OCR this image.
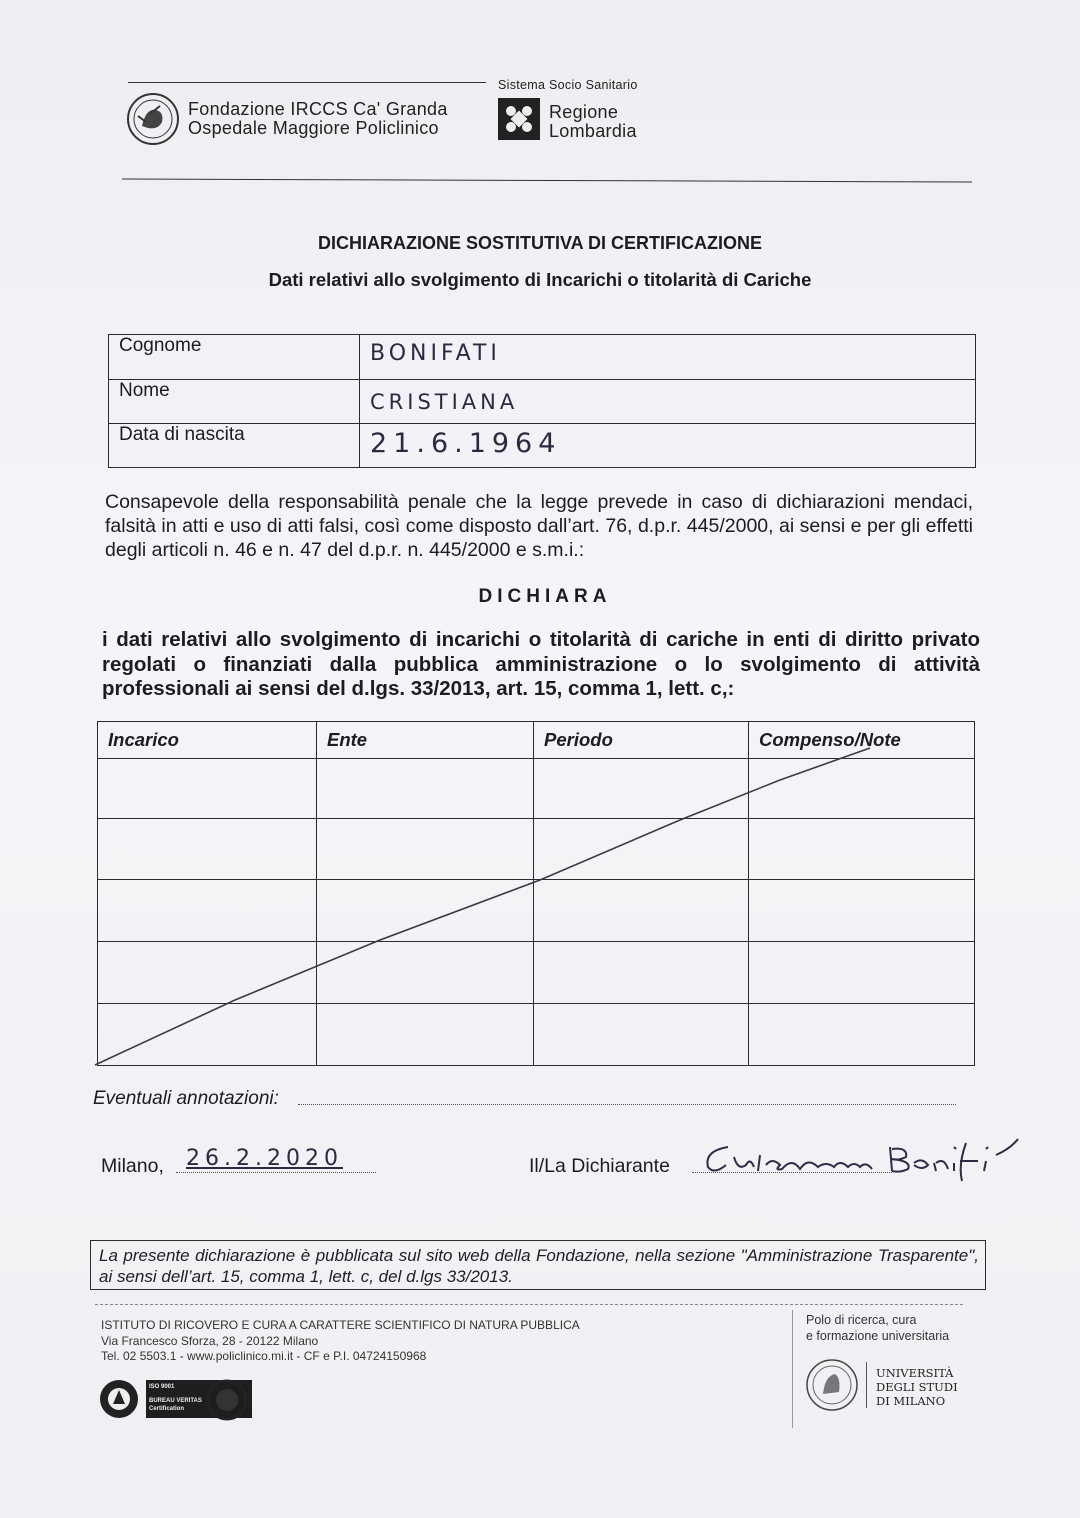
Fondazione IRCCS Ca' Granda
Ospedale Maggiore Policlinico
Sistema Socio Sanitario
Regione
Lombardia
DICHIARAZIONE SOSTITUTIVA DI CERTIFICAZIONE
Dati relativi allo svolgimento di Incarichi o titolarità di Cariche
Cognome	BONIFATI
Nome	CRISTIANA
Data di nascita	21.6.1964
Consapevole della responsabilità penale che la legge prevede in caso di dichiarazioni mendaci, falsità in atti e uso di atti falsi, così come disposto dall’art. 76, d.p.r. 445/2000, ai sensi e per gli effetti degli articoli n. 46 e n. 47 del d.p.r. n. 445/2000 e s.m.i.:
DICHIARA
i dati relativi allo svolgimento di incarichi o titolarità di cariche in enti di diritto privato regolati o finanziati dalla pubblica amministrazione o lo svolgimento di attività professionali ai sensi del d.lgs. 33/2013, art. 15, comma 1, lett. c,:
Incarico	Ente	Periodo	Compenso/Note

Eventuali annotazioni:
Milano, 26.2.2020	Il/La Dichiarante
La presente dichiarazione è pubblicata sul sito web della Fondazione, nella sezione "Amministrazione Trasparente", ai sensi dell’art. 15, comma 1, lett. c, del d.lgs 33/2013.
ISTITUTO DI RICOVERO E CURA A CARATTERE SCIENTIFICO DI NATURA PUBBLICA
Via Francesco Sforza, 28 - 20122 Milano
Tel. 02 5503.1 - www.policlinico.mi.it - CF e P.I. 04724150968
ISO 9001
BUREAU VERITAS
Certification
Polo di ricerca, cura
e formazione universitaria
UNIVERSITÀ
DEGLI STUDI
DI MILANO
